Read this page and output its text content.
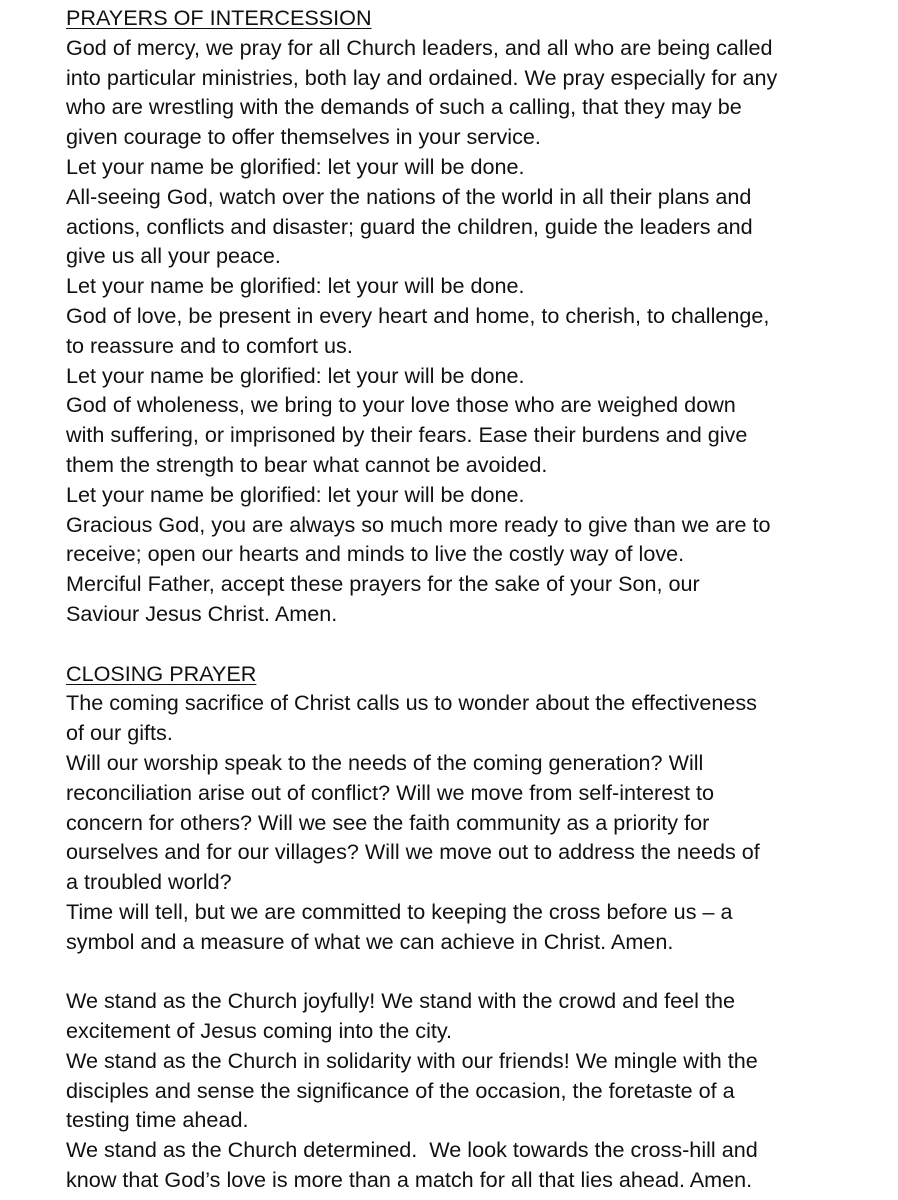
PRAYERS OF INTERCESSION

God of mercy, we pray for all Church leaders, and all who are being called
into particular ministries, both lay and ordained. We pray especially for any
who are wrestling with the demands of such a calling, that they may be
given courage to offer themselves in your service.

Let your name be glorified: let your will be done.

All-seeing God, watch over the nations of the world in all their plans and
actions, conflicts and disaster; guard the children, guide the leaders and
give us all your peace.

Let your name be glorified: let your will be done.

God of love, be present in every heart and home, to cherish, to challenge,
to reassure and to comfort us.

Let your name be glorified: let your will be done.

God of wholeness, we bring to your love those who are weighed down
with suffering, or imprisoned by their fears. Ease their burdens and give
them the strength to bear what cannot be avoided.

Let your name be glorified: let your will be done.

Gracious God, you are always so much more ready to give than we are to
receive; open our hearts and minds to live the costly way of love.

Merciful Father, accept these prayers for the sake of your Son, our
Saviour Jesus Christ. Amen.

CLOSING PRAYER

The coming sacrifice of Christ calls us to wonder about the effectiveness
of our gifts.

Will our worship speak to the needs of the coming generation? Will
reconciliation arise out of conflict? Will we move from self-interest to
concern for others? Will we see the faith community as a priority for
ourselves and for our villages? Will we move out to address the needs of
a troubled world?

Time will tell, but we are committed to keeping the cross before us – a
symbol and a measure of what we can achieve in Christ. Amen.

We stand as the Church joyfully! We stand with the crowd and feel the
excitement of Jesus coming into the city.

We stand as the Church in solidarity with our friends! We mingle with the
disciples and sense the significance of the occasion, the foretaste of a
testing time ahead.

We stand as the Church determined.  We look towards the cross-hill and
know that God’s love is more than a match for all that lies ahead. Amen.
